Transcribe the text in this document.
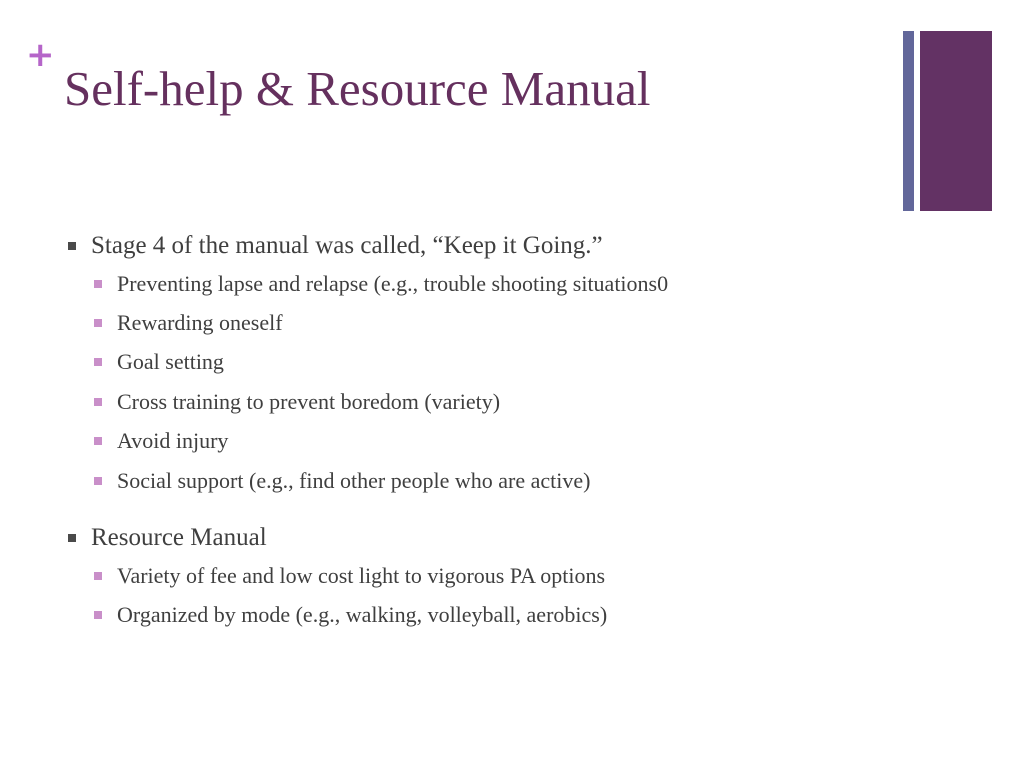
+
Self-help & Resource Manual
Stage 4 of the manual was called, “Keep it Going.”
Preventing lapse and relapse (e.g., trouble shooting situations0
Rewarding oneself
Goal setting
Cross training to prevent boredom (variety)
Avoid injury
Social support (e.g., find other people who are active)
Resource Manual
Variety of fee and low cost light to vigorous PA options
Organized by mode (e.g., walking, volleyball, aerobics)
